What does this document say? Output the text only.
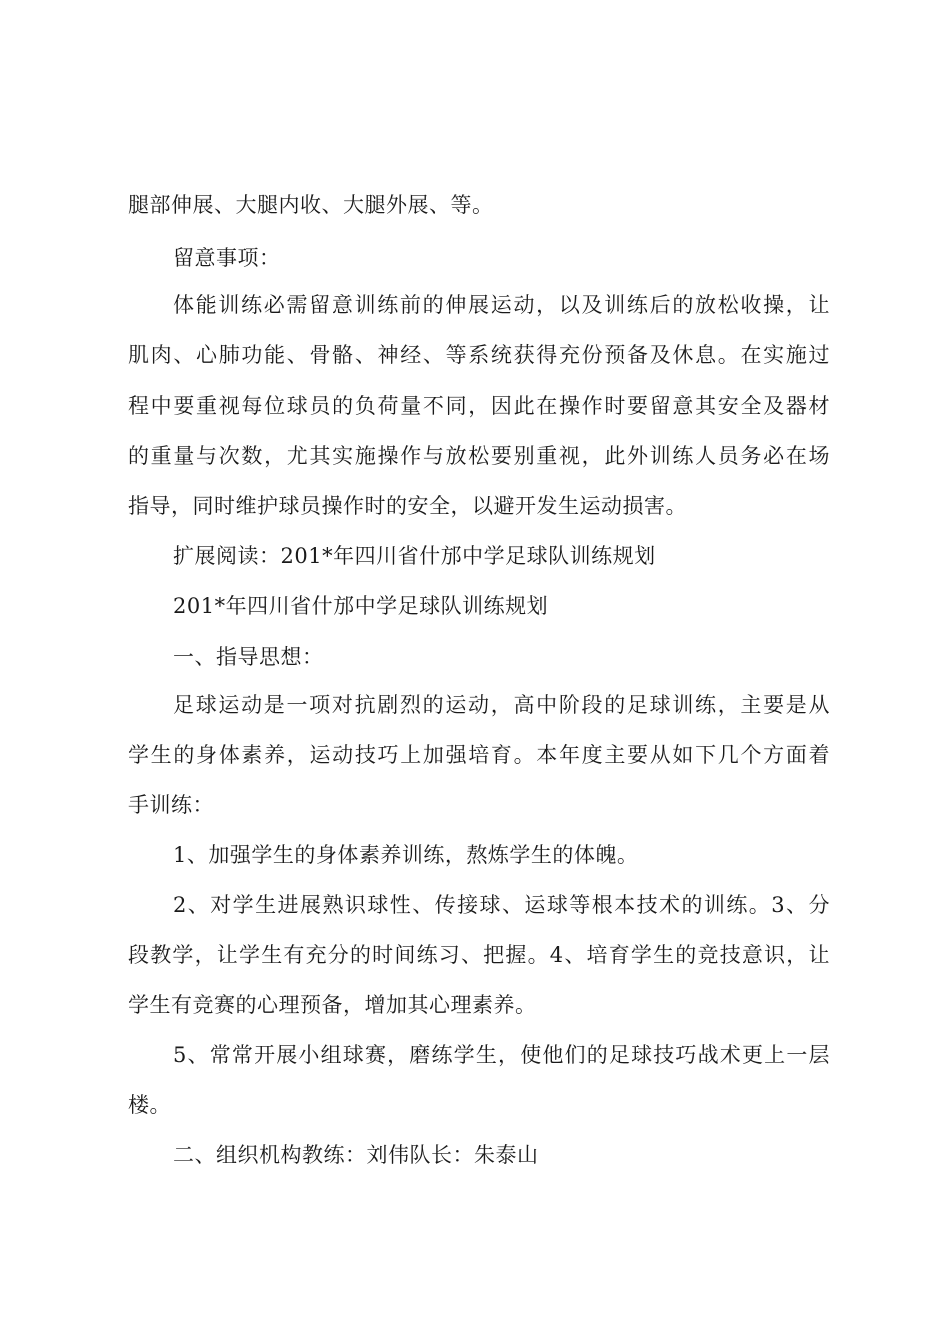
腿部伸展、大腿内收、大腿外展、等。
留意事项：
体能训练必需留意训练前的伸展运动，以及训练后的放松收操，让
肌肉、心肺功能、骨骼、神经、等系统获得充份预备及休息。在实施过
程中要重视每位球员的负荷量不同，因此在操作时要留意其安全及器材
的重量与次数，尤其实施操作与放松要别重视，此外训练人员务必在场
指导，同时维护球员操作时的安全，以避开发生运动损害。
扩展阅读：201*年四川省什邡中学足球队训练规划
201*年四川省什邡中学足球队训练规划
一、指导思想：
足球运动是一项对抗剧烈的运动，高中阶段的足球训练，主要是从
学生的身体素养，运动技巧上加强培育。本年度主要从如下几个方面着
手训练：
1、加强学生的身体素养训练，熬炼学生的体魄。
2、对学生进展熟识球性、传接球、运球等根本技术的训练。3、分
段教学，让学生有充分的时间练习、把握。4、培育学生的竞技意识，让
学生有竞赛的心理预备，增加其心理素养。
5、常常开展小组球赛，磨练学生，使他们的足球技巧战术更上一层
楼。
二、组织机构教练：刘伟队长：朱泰山
